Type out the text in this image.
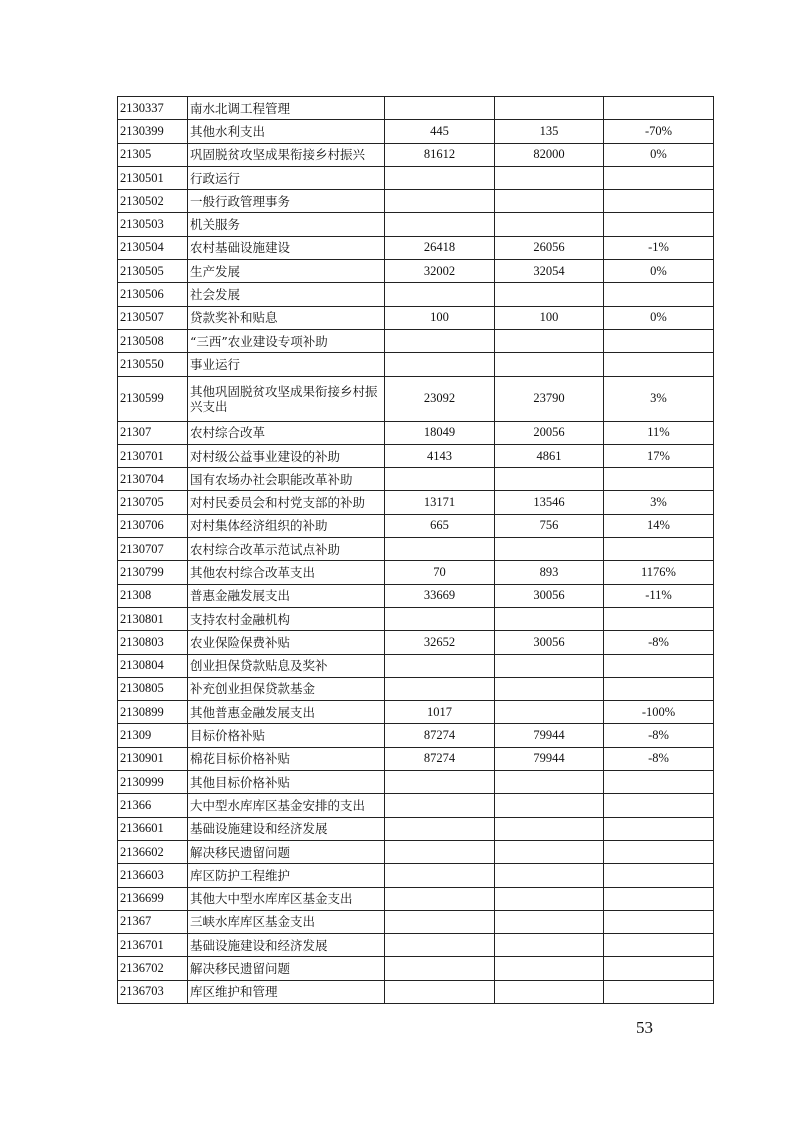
2130337	南水北调工程管理			
2130399	其他水利支出	445	135	-70%
21305	巩固脱贫攻坚成果衔接乡村振兴	81612	82000	0%
2130501	行政运行			
2130502	一般行政管理事务			
2130503	机关服务			
2130504	农村基础设施建设	26418	26056	-1%
2130505	生产发展	32002	32054	0%
2130506	社会发展			
2130507	贷款奖补和贴息	100	100	0%
2130508	“三西”农业建设专项补助			
2130550	事业运行			
2130599	其他巩固脱贫攻坚成果衔接乡村振兴支出	23092	23790	3%
21307	农村综合改革	18049	20056	11%
2130701	对村级公益事业建设的补助	4143	4861	17%
2130704	国有农场办社会职能改革补助			
2130705	对村民委员会和村党支部的补助	13171	13546	3%
2130706	对村集体经济组织的补助	665	756	14%
2130707	农村综合改革示范试点补助			
2130799	其他农村综合改革支出	70	893	1176%
21308	普惠金融发展支出	33669	30056	-11%
2130801	支持农村金融机构			
2130803	农业保险保费补贴	32652	30056	-8%
2130804	创业担保贷款贴息及奖补			
2130805	补充创业担保贷款基金			
2130899	其他普惠金融发展支出	1017		-100%
21309	目标价格补贴	87274	79944	-8%
2130901	棉花目标价格补贴	87274	79944	-8%
2130999	其他目标价格补贴			
21366	大中型水库库区基金安排的支出			
2136601	基础设施建设和经济发展			
2136602	解决移民遗留问题			
2136603	库区防护工程维护			
2136699	其他大中型水库库区基金支出			
21367	三峡水库库区基金支出			
2136701	基础设施建设和经济发展			
2136702	解决移民遗留问题			
2136703	库区维护和管理			
53
